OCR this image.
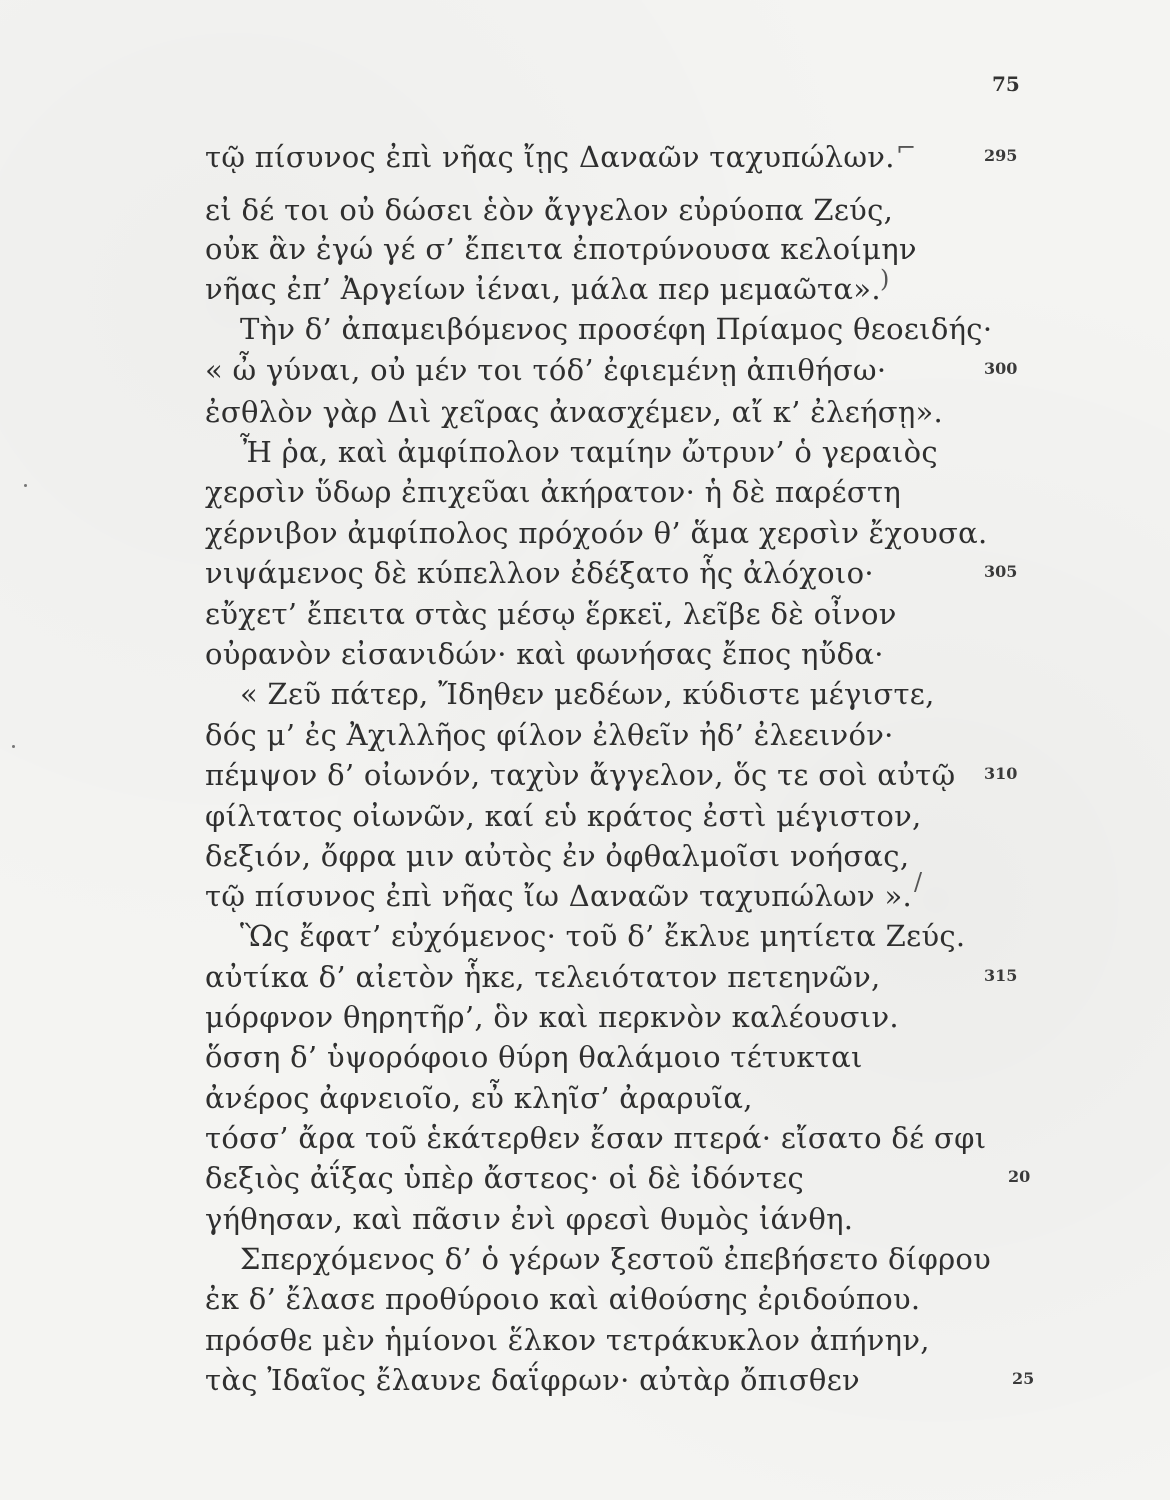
75
τῷ πίσυνος ἐπὶ νῆας ἴῃς Δαναῶν ταχυπώλων.	295
εἰ δέ τοι οὐ δώσει ἑὸν ἄγγελον εὐρύοπα Ζεύς,
οὐκ ἂν ἐγώ γέ σ’ ἔπειτα ἐποτρύνουσα κελοίμην
νῆας ἐπ’ Ἀργείων ἰέναι, μάλα περ μεμαῶτα».
Τὴν δ’ ἀπαμειβόμενος προσέφη Πρίαμος θεοειδής·
« ὦ γύναι, οὐ μέν τοι τόδ’ ἐφιεμένῃ ἀπιθήσω·	300
ἐσθλὸν γὰρ Διὶ χεῖρας ἀνασχέμεν, αἴ κ’ ἐλεήσῃ».
Ἦ ῥα, καὶ ἀμφίπολον ταμίην ὤτρυν’ ὁ γεραιὸς
χερσὶν ὕδωρ ἐπιχεῦαι ἀκήρατον· ἡ δὲ παρέστη
χέρνιβον ἀμφίπολος πρόχοόν θ’ ἅμα χερσὶν ἔχουσα.
νιψάμενος δὲ κύπελλον ἐδέξατο ἧς ἀλόχοιο·	305
εὔχετ’ ἔπειτα στὰς μέσῳ ἕρκεϊ, λεῖβε δὲ οἶνον
οὐρανὸν εἰσανιδών· καὶ φωνήσας ἔπος ηὔδα·
« Ζεῦ πάτερ, Ἴδηθεν μεδέων, κύδιστε μέγιστε,
δός μ’ ἐς Ἀχιλλῆος φίλον ἐλθεῖν ἠδ’ ἐλεεινόν·
πέμψον δ’ οἰωνόν, ταχὺν ἄγγελον, ὅς τε σοὶ αὐτῷ 310
φίλτατος οἰωνῶν, καί εὑ κράτος ἐστὶ μέγιστον,
δεξιόν, ὄφρα μιν αὐτὸς ἐν ὀφθαλμοῖσι νοήσας,
τῷ πίσυνος ἐπὶ νῆας ἴω Δαναῶν ταχυπώλων ».
Ὣς ἔφατ’ εὐχόμενος· τοῦ δ’ ἔκλυε μητίετα Ζεύς.
αὐτίκα δ’ αἰετὸν ἧκε, τελειότατον πετεηνῶν,	315
μόρφνον θηρητῆρ’, ὃν καὶ περκνὸν καλέουσιν.
ὅσση δ’ ὑψορόφοιο θύρη θαλάμοιο τέτυκται
ἀνέρος ἀφνειοῖο, εὖ κληῖσ’ ἀραρυῖα,
τόσσ’ ἄρα τοῦ ἑκάτερθεν ἔσαν πτερά· εἴσατο δέ σφι
δεξιὸς ἀΐξας ὑπὲρ ἄστεος· οἱ δὲ ἰδόντες	20
γήθησαν, καὶ πᾶσιν ἐνὶ φρεσὶ θυμὸς ἰάνθη.
Σπερχόμενος δ’ ὁ γέρων ξεστοῦ ἐπεβήσετο δίφρου
ἐκ δ’ ἔλασε προθύροιο καὶ αἰθούσης ἐριδούπου.
πρόσθε μὲν ἡμίονοι ἕλκον τετράκυκλον ἀπήνην,
τὰς Ἰδαῖος ἔλαυνε δαΐφρων· αὐτὰρ ὄπισθεν	25
⌐
)
/
